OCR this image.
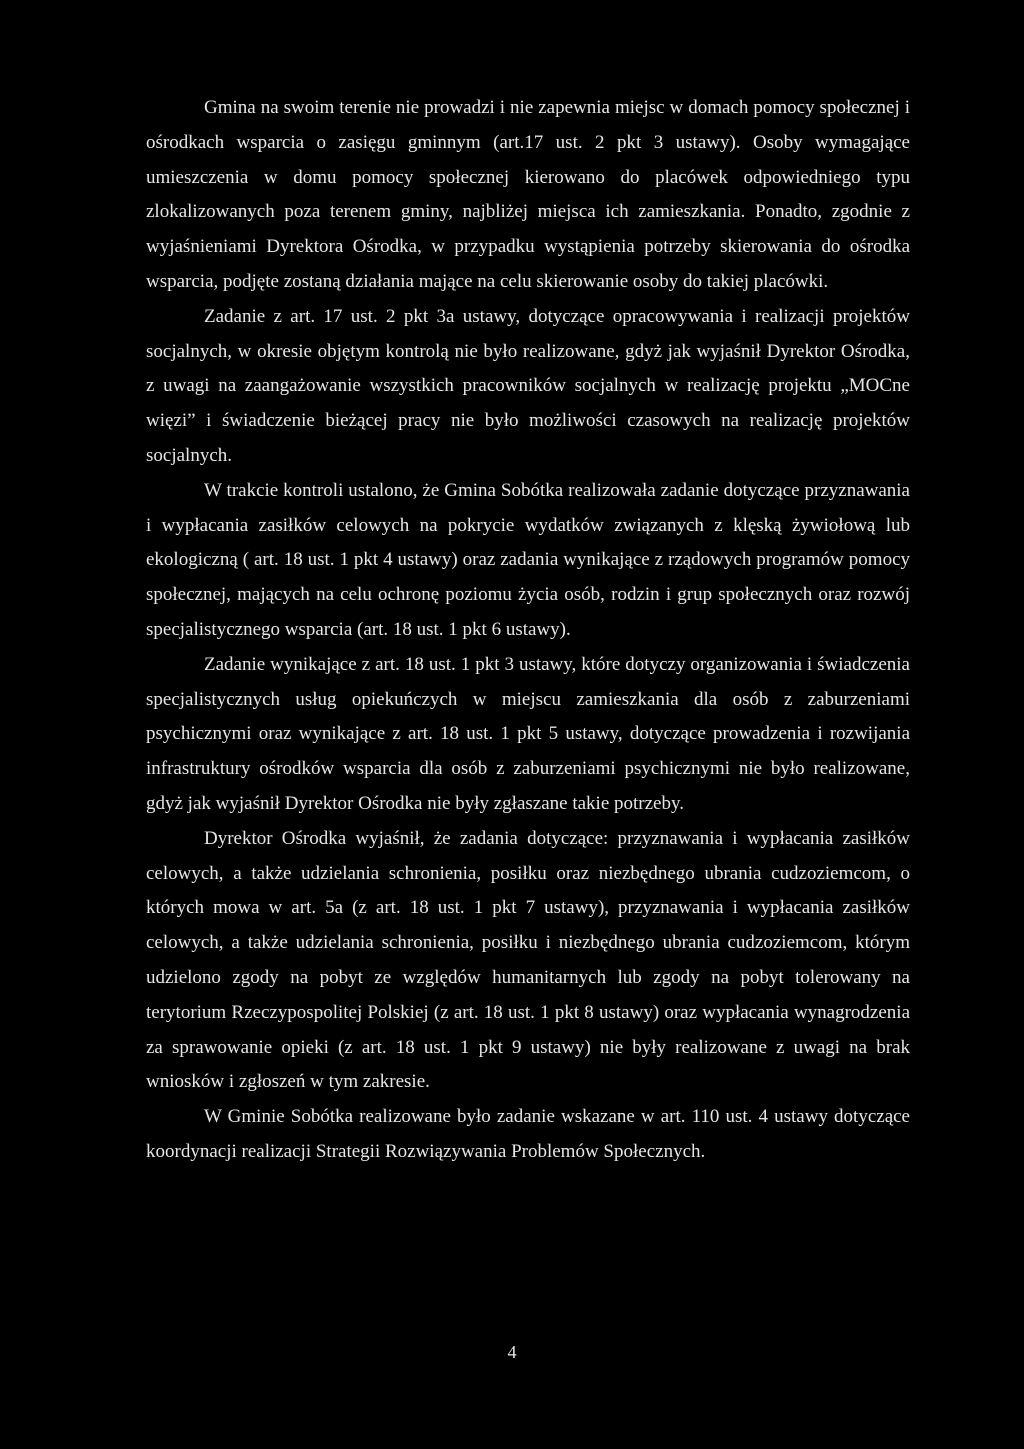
Gmina na swoim terenie nie prowadzi i nie zapewnia miejsc w domach pomocy społecznej i ośrodkach wsparcia o zasięgu gminnym (art.17 ust. 2 pkt 3 ustawy). Osoby wymagające umieszczenia w domu pomocy społecznej kierowano do placówek odpowiedniego typu zlokalizowanych poza terenem gminy, najbliżej miejsca ich zamieszkania. Ponadto, zgodnie z wyjaśnieniami Dyrektora Ośrodka, w przypadku wystąpienia potrzeby skierowania do ośrodka wsparcia, podjęte zostaną działania mające na celu skierowanie osoby do takiej placówki.

Zadanie z art. 17 ust. 2 pkt 3a ustawy, dotyczące opracowywania i realizacji projektów socjalnych, w okresie objętym kontrolą nie było realizowane, gdyż jak wyjaśnił Dyrektor Ośrodka, z uwagi na zaangażowanie wszystkich pracowników socjalnych w realizację projektu „MOCne więzi” i świadczenie bieżącej pracy nie było możliwości czasowych na realizację projektów socjalnych.

W trakcie kontroli ustalono, że Gmina Sobótka realizowała zadanie dotyczące przyznawania i wypłacania zasiłków celowych na pokrycie wydatków związanych z klęską żywiołową lub ekologiczną ( art. 18 ust. 1 pkt 4 ustawy) oraz zadania wynikające z rządowych programów pomocy społecznej, mających na celu ochronę poziomu życia osób, rodzin i grup społecznych oraz rozwój specjalistycznego wsparcia (art. 18 ust. 1 pkt 6 ustawy).

Zadanie wynikające z art. 18 ust. 1 pkt 3 ustawy, które dotyczy organizowania i świadczenia specjalistycznych usług opiekuńczych w miejscu zamieszkania dla osób z zaburzeniami psychicznymi oraz wynikające z art. 18 ust. 1 pkt 5 ustawy, dotyczące prowadzenia i rozwijania infrastruktury ośrodków wsparcia dla osób z zaburzeniami psychicznymi nie było realizowane, gdyż jak wyjaśnił Dyrektor Ośrodka nie były zgłaszane takie potrzeby.

Dyrektor Ośrodka wyjaśnił, że zadania dotyczące: przyznawania i wypłacania zasiłków celowych, a także udzielania schronienia, posiłku oraz niezbędnego ubrania cudzoziemcom, o których mowa w art. 5a (z art. 18 ust. 1 pkt 7 ustawy), przyznawania i wypłacania zasiłków celowych, a także udzielania schronienia, posiłku i niezbędnego ubrania cudzoziemcom, którym udzielono zgody na pobyt ze względów humanitarnych lub zgody na pobyt tolerowany na terytorium Rzeczypospolitej Polskiej (z art. 18 ust. 1 pkt 8 ustawy) oraz wypłacania wynagrodzenia za sprawowanie opieki (z art. 18 ust. 1 pkt 9 ustawy) nie były realizowane z uwagi na brak wniosków i zgłoszeń w tym zakresie.

W Gminie Sobótka realizowane było zadanie wskazane w art. 110 ust. 4 ustawy dotyczące koordynacji realizacji Strategii Rozwiązywania Problemów Społecznych.

4
